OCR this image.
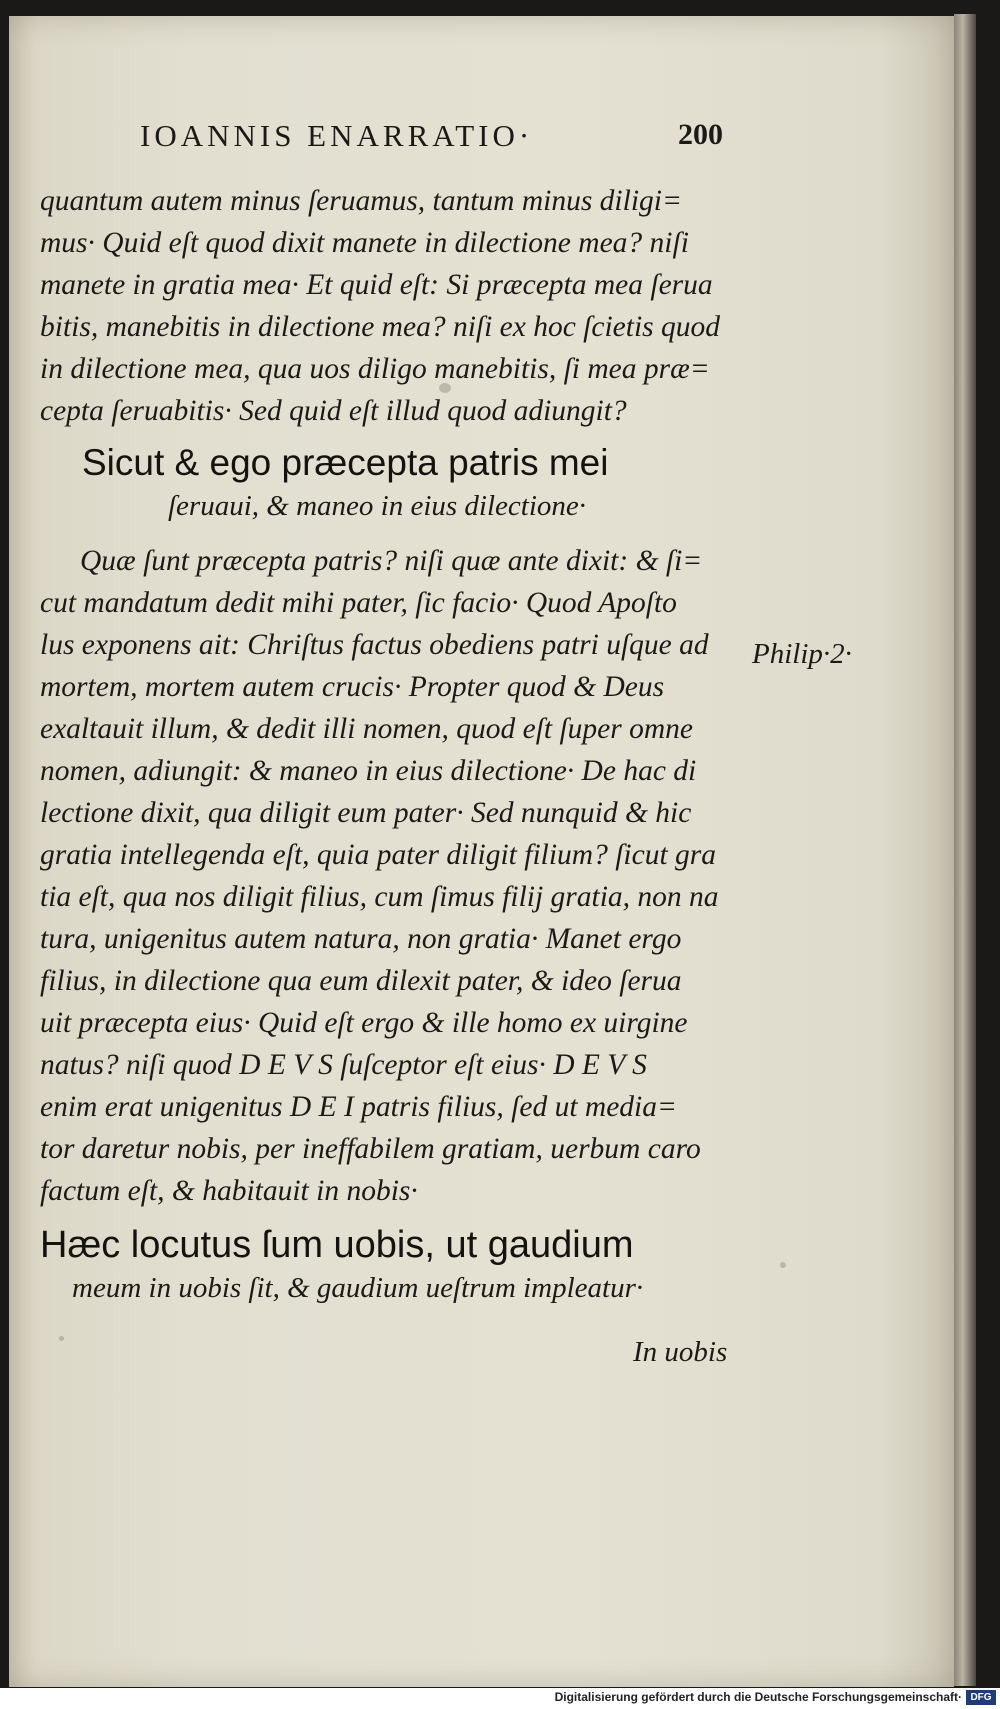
IOANNIS ENARRATIO·	200
quantum autem minus ſeruamus, tantum minus diligi=
mus· Quid eſt quod dixit manete in dilectione mea? niſi
manete in gratia mea· Et quid eſt: Si præcepta mea ſerua
bitis, manebitis in dilectione mea? niſi ex hoc ſcietis quod
in dilectione mea, qua uos diligo manebitis, ſi mea præ=
cepta ſeruabitis· Sed quid eſt illud quod adiungit?
Sicut & ego præcepta patris mei
ſeruaui, & maneo in eius dilectione·
Quæ ſunt præcepta patris? niſi quæ ante dixit: & ſi=
cut mandatum dedit mihi pater, ſic facio· Quod Apoſto
lus exponens ait: Chriſtus factus obediens patri uſque ad
mortem, mortem autem crucis· Propter quod & Deus
exaltauit illum, & dedit illi nomen, quod eſt ſuper omne
nomen, adiungit: & maneo in eius dilectione· De hac di
lectione dixit, qua diligit eum pater· Sed nunquid & hic
gratia intellegenda eſt, quia pater diligit filium? ſicut gra
tia eſt, qua nos diligit filius, cum ſimus filij gratia, non na
tura, unigenitus autem natura, non gratia· Manet ergo
filius, in dilectione qua eum dilexit pater, & ideo ſerua
uit præcepta eius· Quid eſt ergo & ille homo ex uirgine
natus? niſi quod D E V S ſuſceptor eſt eius· D E V S
enim erat unigenitus D E I patris filius, ſed ut media=
tor daretur nobis, per ineffabilem gratiam, uerbum caro
factum eſt, & habitauit in nobis·
Hæc locutus ſum uobis, ut gaudium
meum in uobis ſit, & gaudium ueſtrum impleatur·
Philip·2·
In uobis
Digitalisierung gefördert durch die Deutsche Forschungsgemeinschaft· DFG
